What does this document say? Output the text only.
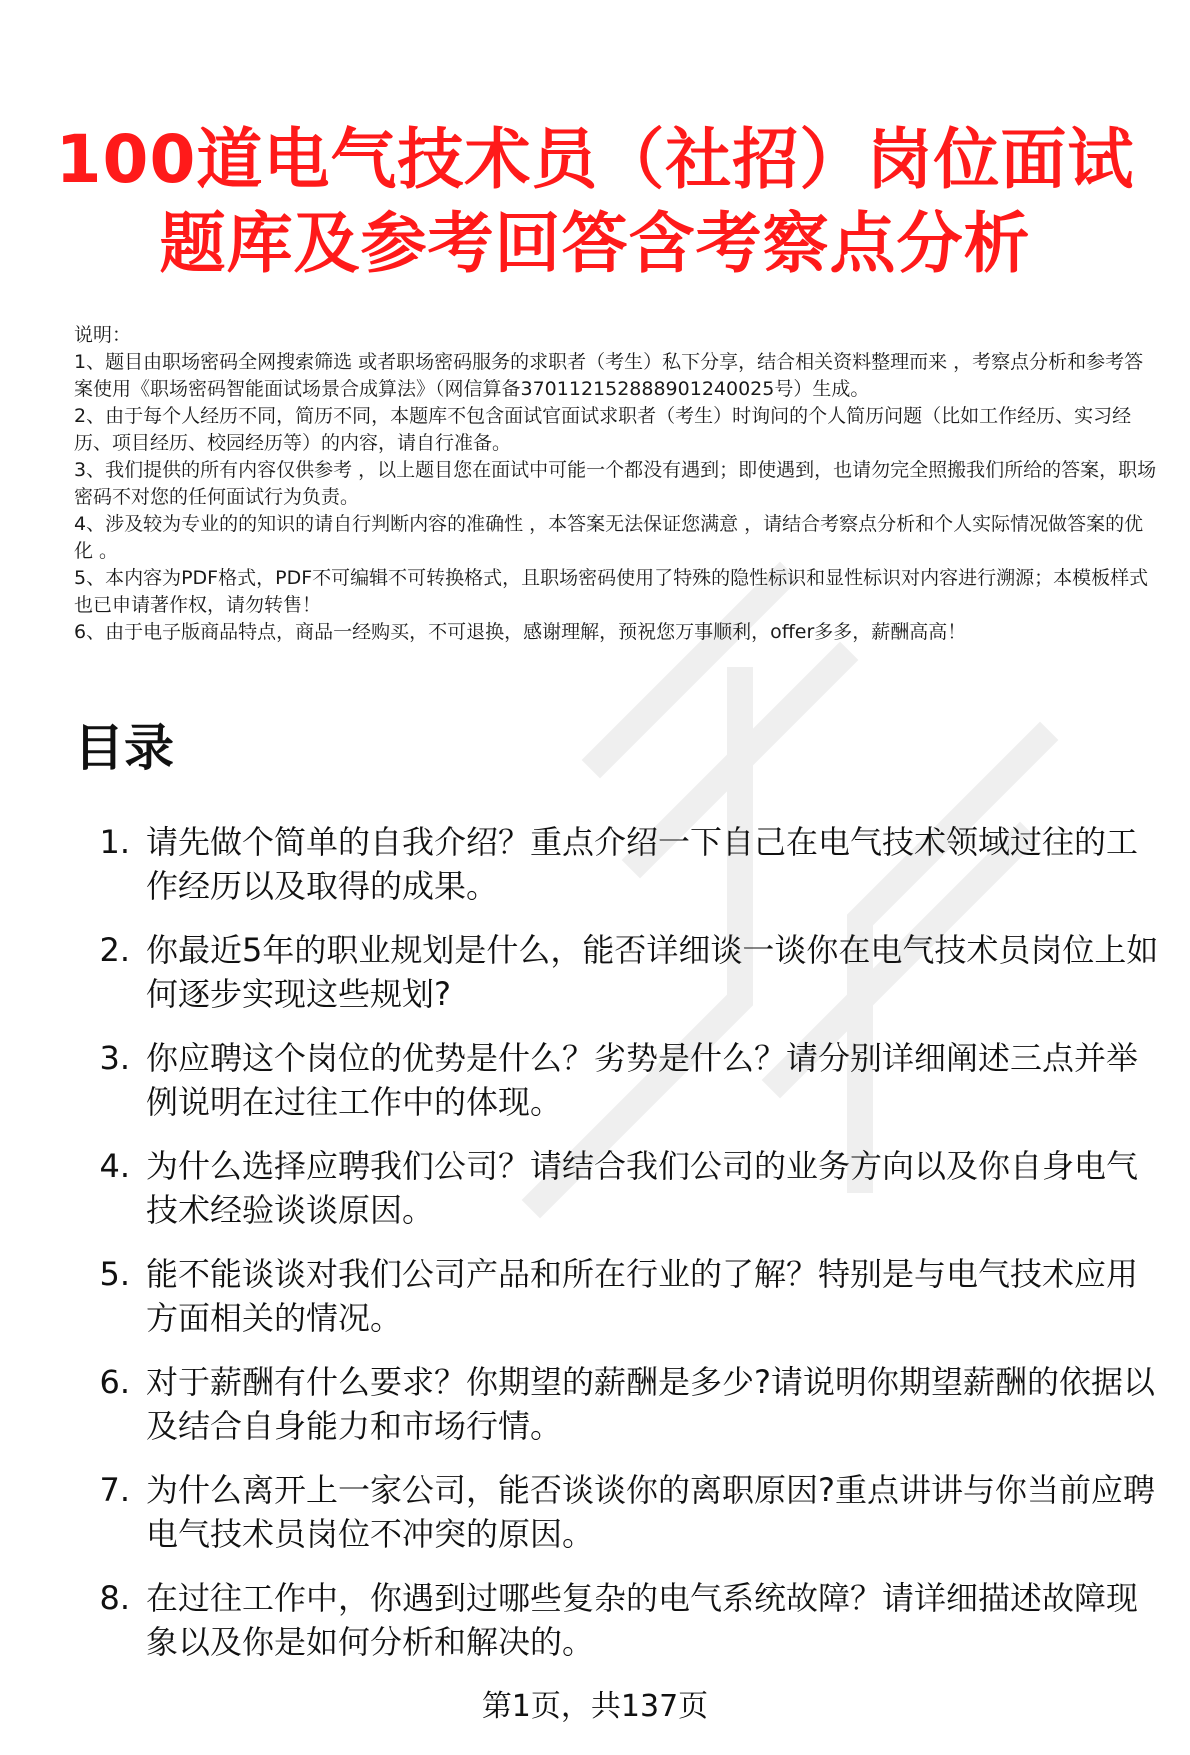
100道电气技术员（社招）岗位面试
题库及参考回答含考察点分析

说明：

1、题目由职场密码全网搜索筛选 或者职场密码服务的求职者（考生）私下分享，结合相关资料整理而来 ，考察点分析和参考答案使用《职场密码智能面试场景合成算法》（网信算备370112152888901240025号）生成。

2、由于每个人经历不同，简历不同，本题库不包含面试官面试求职者（考生）时询问的个人简历问题（比如工作经历、实习经历、项目经历、校园经历等）的内容，请自行准备。

3、我们提供的所有内容仅供参考 ，以上题目您在面试中可能一个都没有遇到；即使遇到，也请勿完全照搬我们所给的答案，职场密码不对您的任何面试行为负责。

4、涉及较为专业的的知识的请自行判断内容的准确性 ，本答案无法保证您满意 ，请结合考察点分析和个人实际情况做答案的优化 。

5、本内容为PDF格式，PDF不可编辑不可转换格式，且职场密码使用了特殊的隐性标识和显性标识对内容进行溯源；本模板样式也已申请著作权，请勿转售！

6、由于电子版商品特点，商品一经购买，不可退换，感谢理解，预祝您万事顺利，offer多多，薪酬高高！

目录
1. 请先做个简单的自我介绍？重点介绍一下自己在电气技术领域过往的工作经历以及取得的成果。
2. 你最近5年的职业规划是什么，能否详细谈一谈你在电气技术员岗位上如何逐步实现这些规划?
3. 你应聘这个岗位的优势是什么？劣势是什么？请分别详细阐述三点并举例说明在过往工作中的体现。
4. 为什么选择应聘我们公司？请结合我们公司的业务方向以及你自身电气技术经验谈谈原因。
5. 能不能谈谈对我们公司产品和所在行业的了解？特别是与电气技术应用方面相关的情况。
6. 对于薪酬有什么要求？你期望的薪酬是多少?请说明你期望薪酬的依据以及结合自身能力和市场行情。
7. 为什么离开上一家公司，能否谈谈你的离职原因?重点讲讲与你当前应聘电气技术员岗位不冲突的原因。
8. 在过往工作中，你遇到过哪些复杂的电气系统故障？请详细描述故障现象以及你是如何分析和解决的。
第1页，共137页
